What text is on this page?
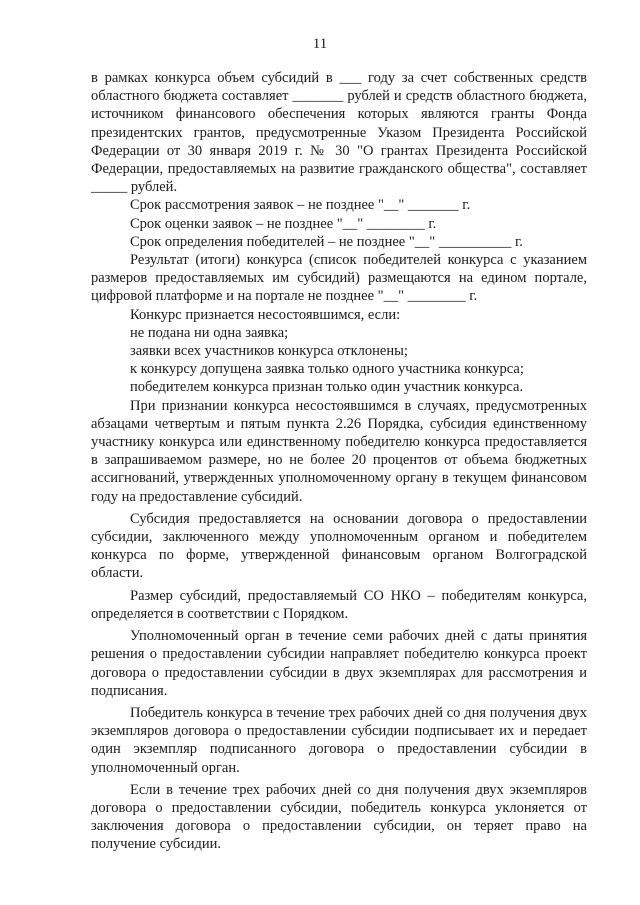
11

в рамках конкурса объем субсидий в ___ году за счет собственных средств областного бюджета составляет _______ рублей и средств областного бюджета, источником финансового обеспечения которых являются гранты Фонда президентских грантов, предусмотренные Указом Президента Российской Федерации от 30 января 2019 г. № 30 "О грантах Президента Российской Федерации, предоставляемых на развитие гражданского общества", составляет _____ рублей.

Срок рассмотрения заявок – не позднее "__" _______ г.

Срок оценки заявок – не позднее "__" ________ г.

Срок определения победителей – не позднее "__" __________ г.

Результат (итоги) конкурса (список победителей конкурса с указанием размеров предоставляемых им субсидий) размещаются на едином портале, цифровой платформе и на портале не позднее "__" ________ г.

Конкурс признается несостоявшимся, если:

не подана ни одна заявка;

заявки всех участников конкурса отклонены;

к конкурсу допущена заявка только одного участника конкурса;

победителем конкурса признан только один участник конкурса.

При признании конкурса несостоявшимся в случаях, предусмотренных абзацами четвертым и пятым пункта 2.26 Порядка, субсидия единственному участнику конкурса или единственному победителю конкурса предоставляется в запрашиваемом размере, но не более 20 процентов от объема бюджетных ассигнований, утвержденных уполномоченному органу в текущем финансовом году на предоставление субсидий.

Субсидия предоставляется на основании договора о предоставлении субсидии, заключенного между уполномоченным органом и победителем конкурса по форме, утвержденной финансовым органом Волгоградской области.

Размер субсидий, предоставляемый СО НКО – победителям конкурса, определяется в соответствии с Порядком.

Уполномоченный орган в течение семи рабочих дней с даты принятия решения о предоставлении субсидии направляет победителю конкурса проект договора о предоставлении субсидии в двух экземплярах для рассмотрения и подписания.

Победитель конкурса в течение трех рабочих дней со дня получения двух экземпляров договора о предоставлении субсидии подписывает их и передает один экземпляр подписанного договора о предоставлении субсидии в уполномоченный орган.

Если в течение трех рабочих дней со дня получения двух экземпляров договора о предоставлении субсидии, победитель конкурса уклоняется от заключения договора о предоставлении субсидии, он теряет право на получение субсидии.
